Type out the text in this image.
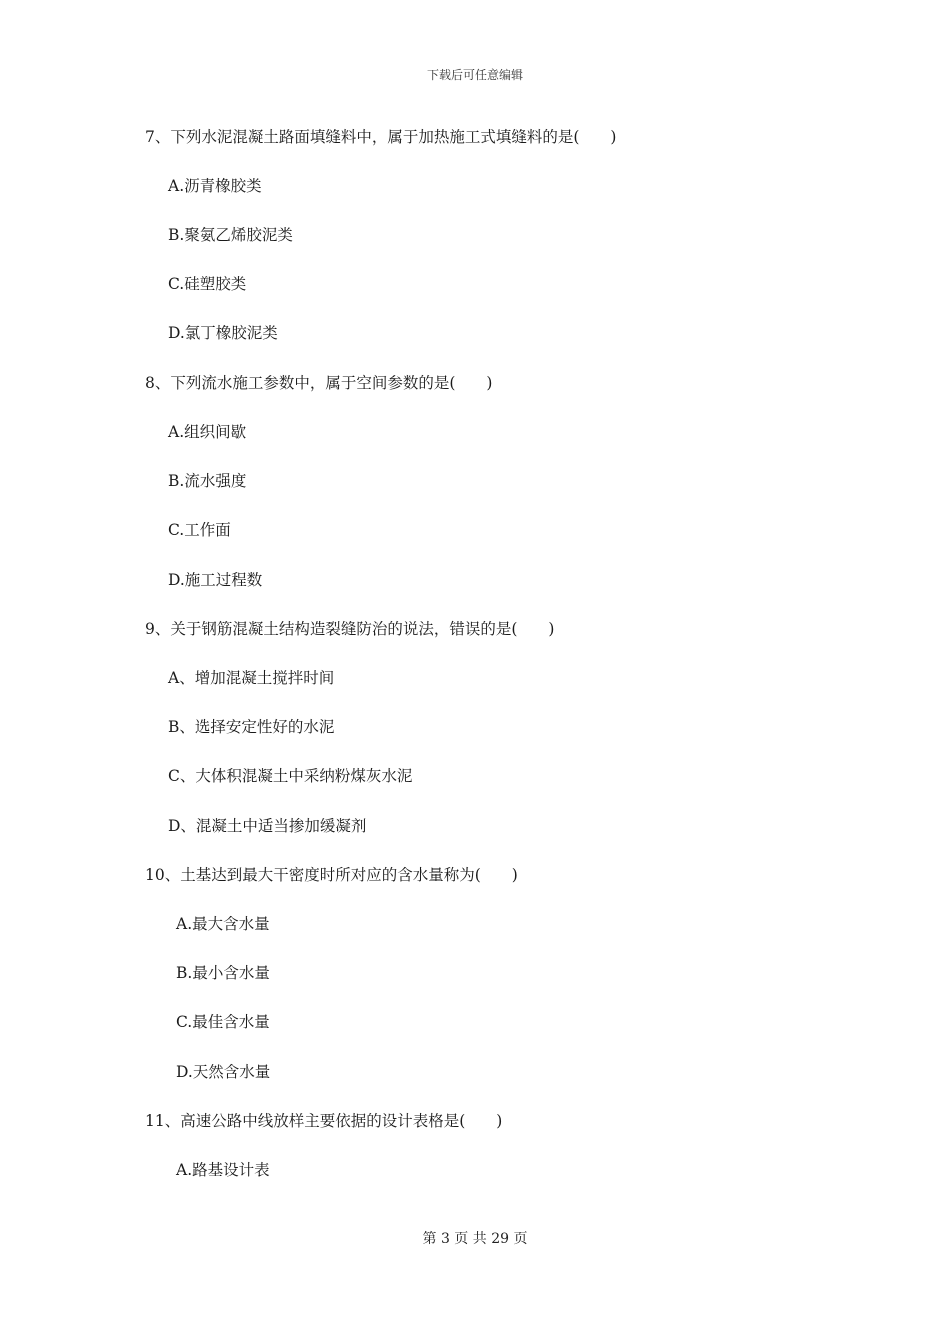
下载后可任意编辑
7、下列水泥混凝土路面填缝料中，属于加热施工式填缝料的是(　　)
A.沥青橡胶类
B.聚氨乙烯胶泥类
C.硅塑胶类
D.氯丁橡胶泥类
8、下列流水施工参数中，属于空间参数的是(　　)
A.组织间歇
B.流水强度
C.工作面
D.施工过程数
9、关于钢筋混凝土结构造裂缝防治的说法，错误的是(　　)
A、增加混凝土搅拌时间
B、选择安定性好的水泥
C、大体积混凝土中采纳粉煤灰水泥
D、混凝土中适当掺加缓凝剂
10、土基达到最大干密度时所对应的含水量称为(　　)
A.最大含水量
B.最小含水量
C.最佳含水量
D.天然含水量
11、高速公路中线放样主要依据的设计表格是(　　)
A.路基设计表
第 3 页 共 29 页
